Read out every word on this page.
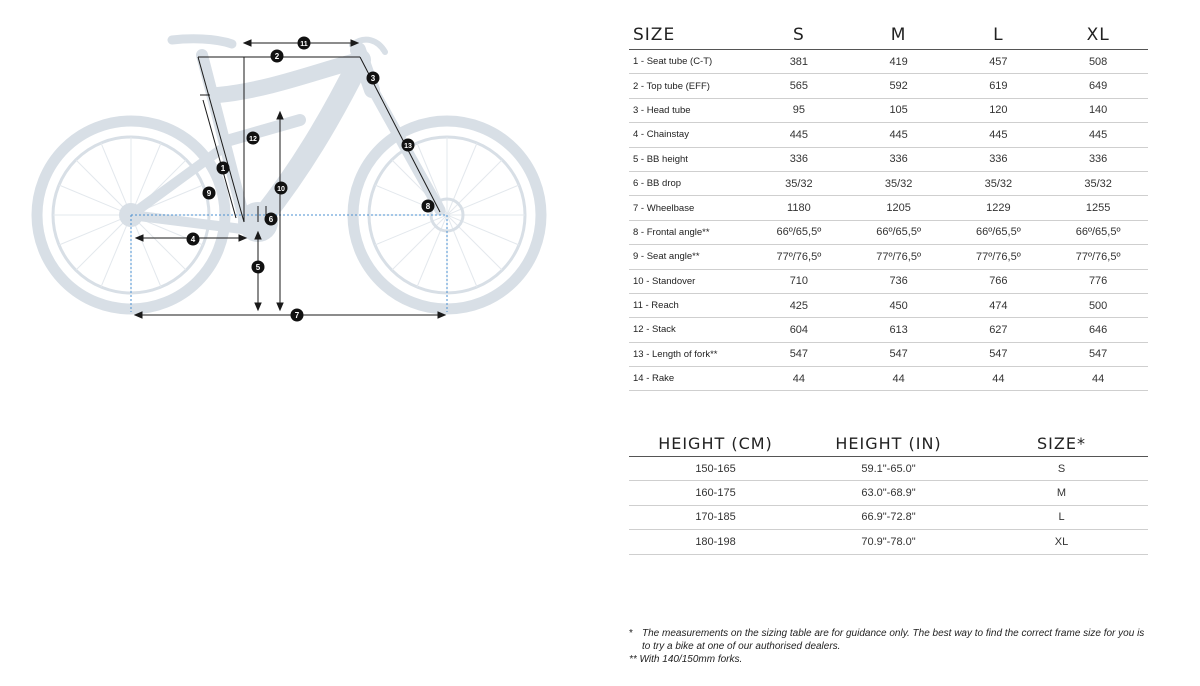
1
2
3
4
5
6
7
8
9	10
11
12
13
SIZE	S	M	L	XL
1 - Seat tube (C-T)	381	419	457	508
2 - Top tube (EFF)	565	592	619	649
3 - Head tube	95	105	120	140
4 - Chainstay	445	445	445	445
5 - BB height	336	336	336	336
6 - BB drop	35/32	35/32	35/32	35/32
7 - Wheelbase	1180	1205	1229	1255
8 - Frontal angle**	66º/65,5º	66º/65,5º	66º/65,5º	66º/65,5º
9 - Seat angle**	77º/76,5º	77º/76,5º	77º/76,5º	77º/76,5º
10 - Standover	710	736	766	776
11 - Reach	425	450	474	500
12 - Stack	604	613	627	646
13 - Length of fork**	547	547	547	547
14 - Rake	44	44	44	44
HEIGHT (CM)	HEIGHT (IN)	SIZE*
150-165	59.1"-65.0"	S
160-175	63.0"-68.9"	M
170-185	66.9"-72.8"	L
180-198	70.9"-78.0"	XL
* The measurements on the sizing table are for guidance only. The best way to find the correct frame size for you is
to try a bike at one of our authorised dealers.
** With 140/150mm forks.
